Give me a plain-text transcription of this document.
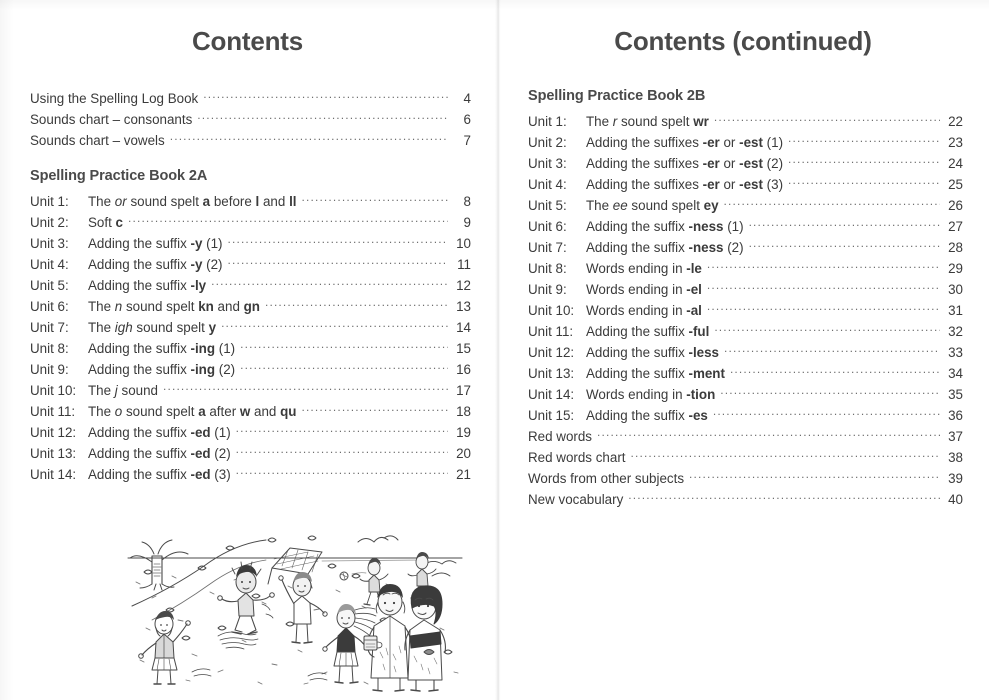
Contents
Using the Spelling Log Book .....	4
Sounds chart – consonants .....	6
Sounds chart – vowels .....	7
Spelling Practice Book 2A
Unit 1:	The or sound spelt a before l and ll .....	8
Unit 2:	Soft c .....	9
Unit 3:	Adding the suffix -y (1) .....	10
Unit 4:	Adding the suffix -y (2) .....	11
Unit 5:	Adding the suffix -ly .....	12
Unit 6:	The n sound spelt kn and gn .....	13
Unit 7:	The igh sound spelt y .....	14
Unit 8:	Adding the suffix -ing (1) .....	15
Unit 9:	Adding the suffix -ing (2) .....	16
Unit 10: The j sound .....	17
Unit 11: The o sound spelt a after w and qu .....	18
Unit 12: Adding the suffix -ed (1) .....	19
Unit 13: Adding the suffix -ed (2) .....	20
Unit 14: Adding the suffix -ed (3) .....	21
Contents (continued)
Spelling Practice Book 2B
Unit 1:	The r sound spelt wr .....	22
Unit 2:	Adding the suffixes -er or -est (1) .....	23
Unit 3:	Adding the suffixes -er or -est (2) .....	24
Unit 4:	Adding the suffixes -er or -est (3) .....	25
Unit 5:	The ee sound spelt ey .....	26
Unit 6:	Adding the suffix -ness (1) .....	27
Unit 7:	Adding the suffix -ness (2) .....	28
Unit 8:	Words ending in -le .....	29
Unit 9:	Words ending in -el .....	30
Unit 10: Words ending in -al .....	31
Unit 11: Adding the suffix -ful .....	32
Unit 12: Adding the suffix -less .....	33
Unit 13: Adding the suffix -ment .....	34
Unit 14: Words ending in -tion .....	35
Unit 15: Adding the suffix -es .....	36
Red words .....	37
Red words chart .....	38
Words from other subjects .....	39
New vocabulary .....	40
